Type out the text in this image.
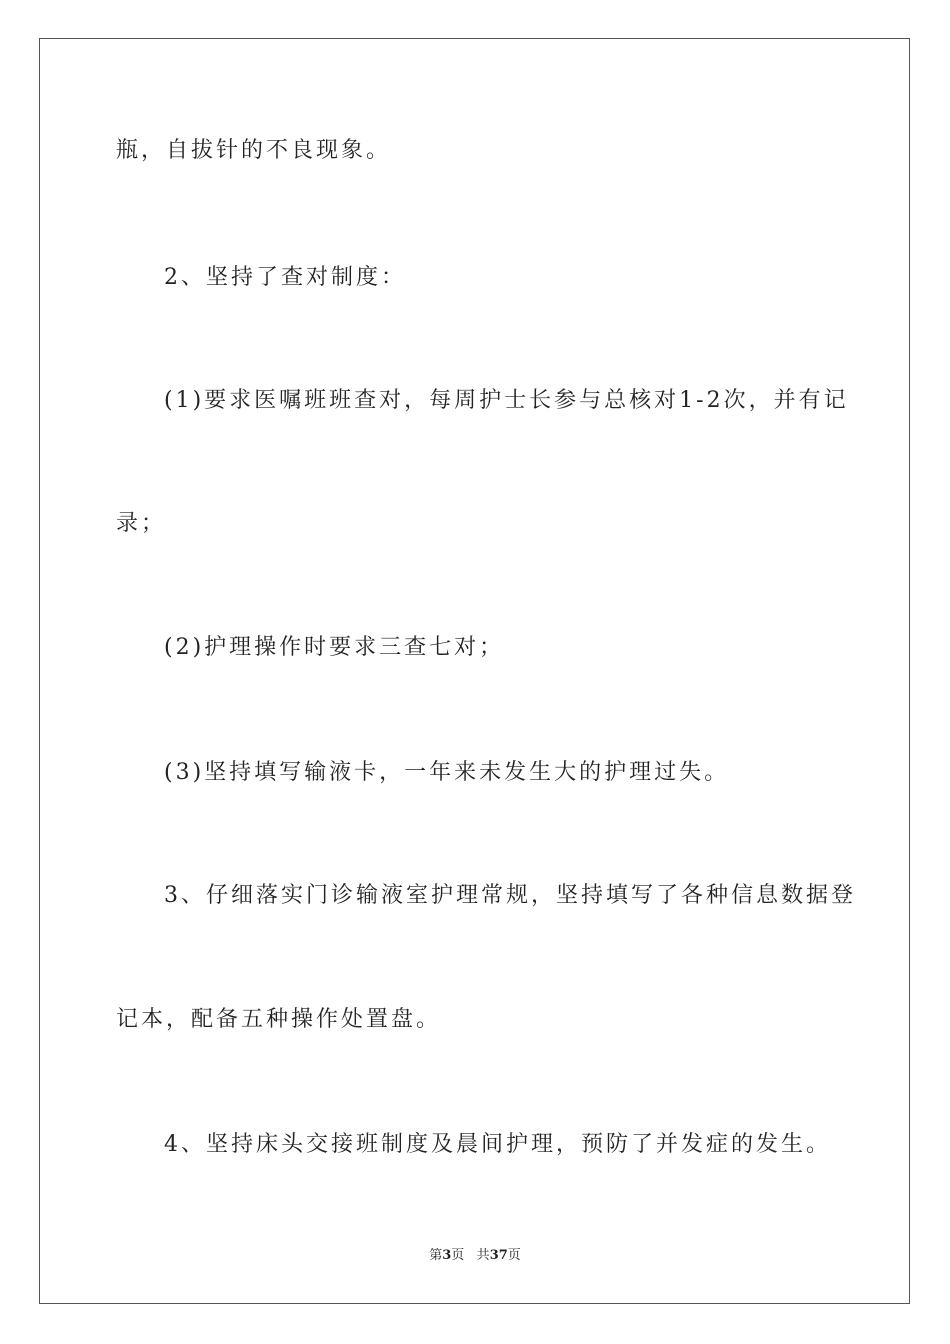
瓶，自拔针的不良现象。
2、坚持了查对制度：
(1)要求医嘱班班查对，每周护士长参与总核对1-2次，并有记
录；
(2)护理操作时要求三查七对；
(3)坚持填写输液卡，一年来未发生大的护理过失。
3、仔细落实门诊输液室护理常规，坚持填写了各种信息数据登
记本，配备五种操作处置盘。
4、坚持床头交接班制度及晨间护理，预防了并发症的发生。
第3页 共37页
